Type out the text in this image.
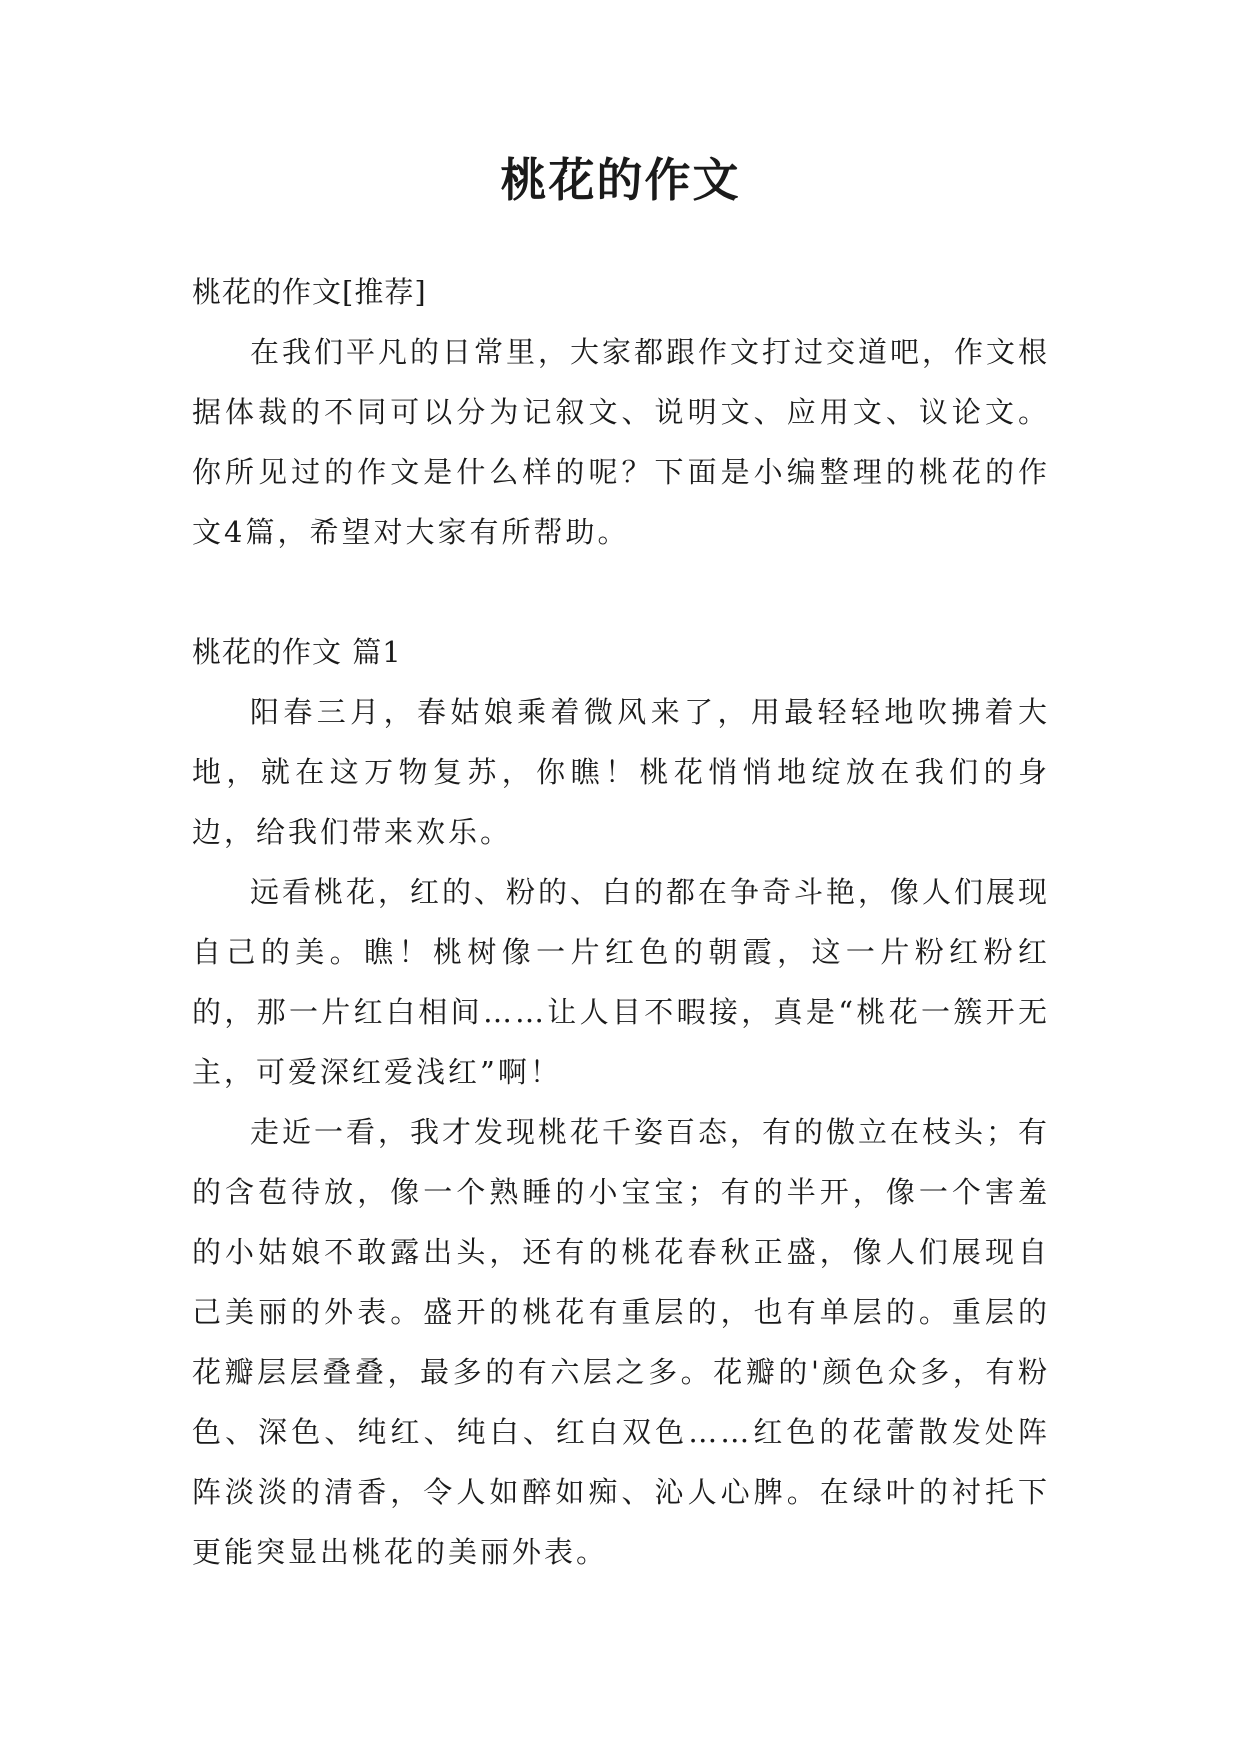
桃花的作文
桃花的作文[推荐]

在我们平凡的日常里，大家都跟作文打过交道吧，作文根据体裁的不同可以分为记叙文、说明文、应用文、议论文。你所见过的作文是什么样的呢？下面是小编整理的桃花的作文4篇，希望对大家有所帮助。

桃花的作文 篇1

阳春三月，春姑娘乘着微风来了，用最轻轻地吹拂着大地，就在这万物复苏，你瞧！桃花悄悄地绽放在我们的身边，给我们带来欢乐。

远看桃花，红的、粉的、白的都在争奇斗艳，像人们展现自己的美。瞧！桃树像一片红色的朝霞，这一片粉红粉红的，那一片红白相间……让人目不暇接，真是“桃花一簇开无主，可爱深红爱浅红”啊！

走近一看，我才发现桃花千姿百态，有的傲立在枝头；有的含苞待放，像一个熟睡的小宝宝；有的半开，像一个害羞的小姑娘不敢露出头，还有的桃花春秋正盛，像人们展现自己美丽的外表。盛开的桃花有重层的，也有单层的。重层的花瓣层层叠叠，最多的有六层之多。花瓣的'颜色众多，有粉色、深色、纯红、纯白、红白双色……红色的花蕾散发处阵阵淡淡的清香，令人如醉如痴、沁人心脾。在绿叶的衬托下更能突显出桃花的美丽外表。
